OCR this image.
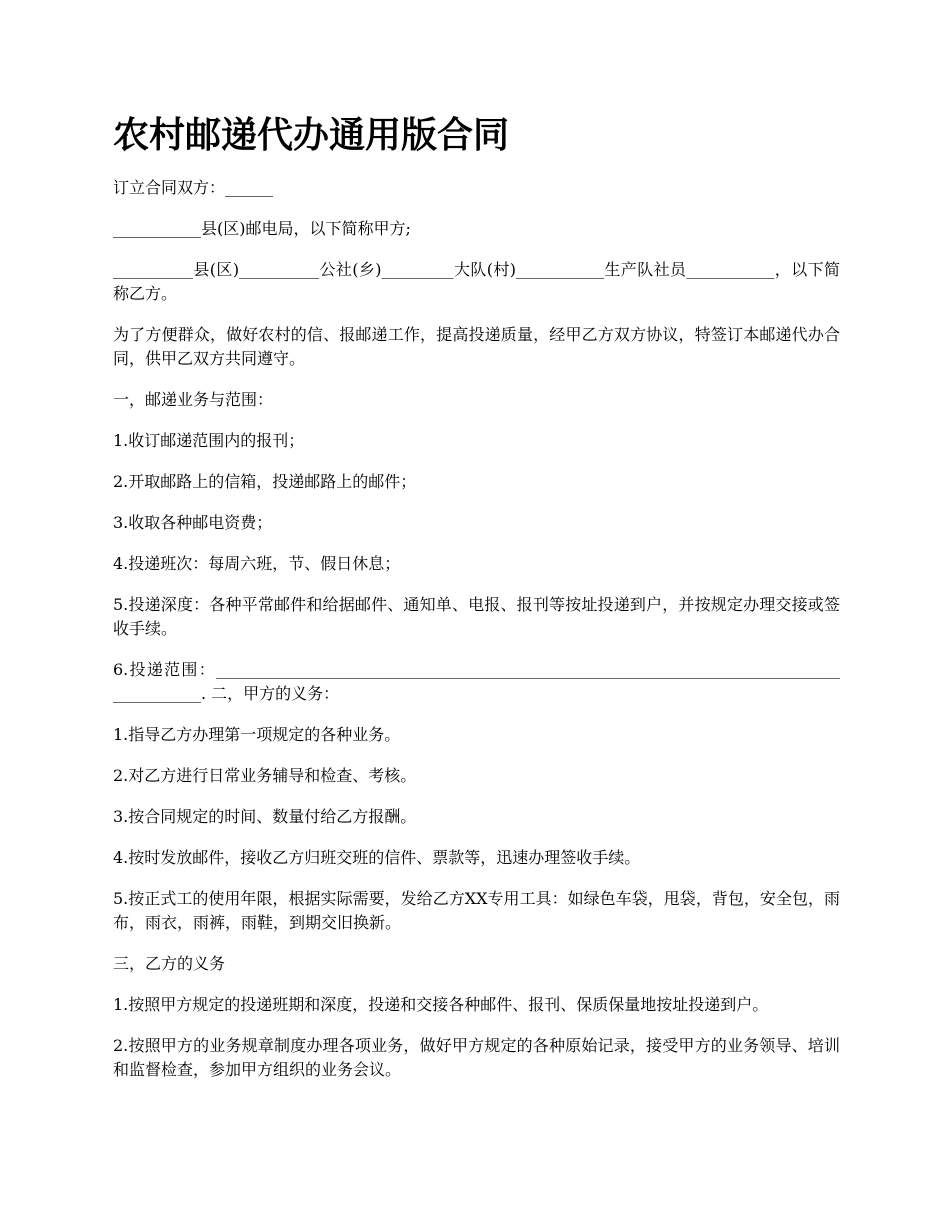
农村邮递代办通用版合同

订立合同双方：______

___________县(区)邮电局，以下简称甲方;

__________县(区)__________公社(乡)_________大队(村)___________生产队社员___________，以下简称乙方。

为了方便群众，做好农村的信、报邮递工作，提高投递质量，经甲乙方双方协议，特签订本邮递代办合同，供甲乙双方共同遵守。

一，邮递业务与范围：

1.收订邮递范围内的报刊；

2.开取邮路上的信箱，投递邮路上的邮件；

3.收取各种邮电资费；

4.投递班次：每周六班，节、假日休息；

5.投递深度：各种平常邮件和给据邮件、通知单、电报、报刊等按址投递到户，并按规定办理交接或签收手续。

6.投递范围：_________________________________________________________________________________________. 二，甲方的义务：

1.指导乙方办理第一项规定的各种业务。

2.对乙方进行日常业务辅导和检查、考核。

3.按合同规定的时间、数量付给乙方报酬。

4.按时发放邮件，接收乙方归班交班的信件、票款等，迅速办理签收手续。

5.按正式工的使用年限，根据实际需要，发给乙方XX专用工具：如绿色车袋，甩袋，背包，安全包，雨布，雨衣，雨裤，雨鞋，到期交旧换新。

三，乙方的义务

1.按照甲方规定的投递班期和深度，投递和交接各种邮件、报刊、保质保量地按址投递到户。

2.按照甲方的业务规章制度办理各项业务，做好甲方规定的各种原始记录，接受甲方的业务领导、培训和监督检查，参加甲方组织的业务会议。
